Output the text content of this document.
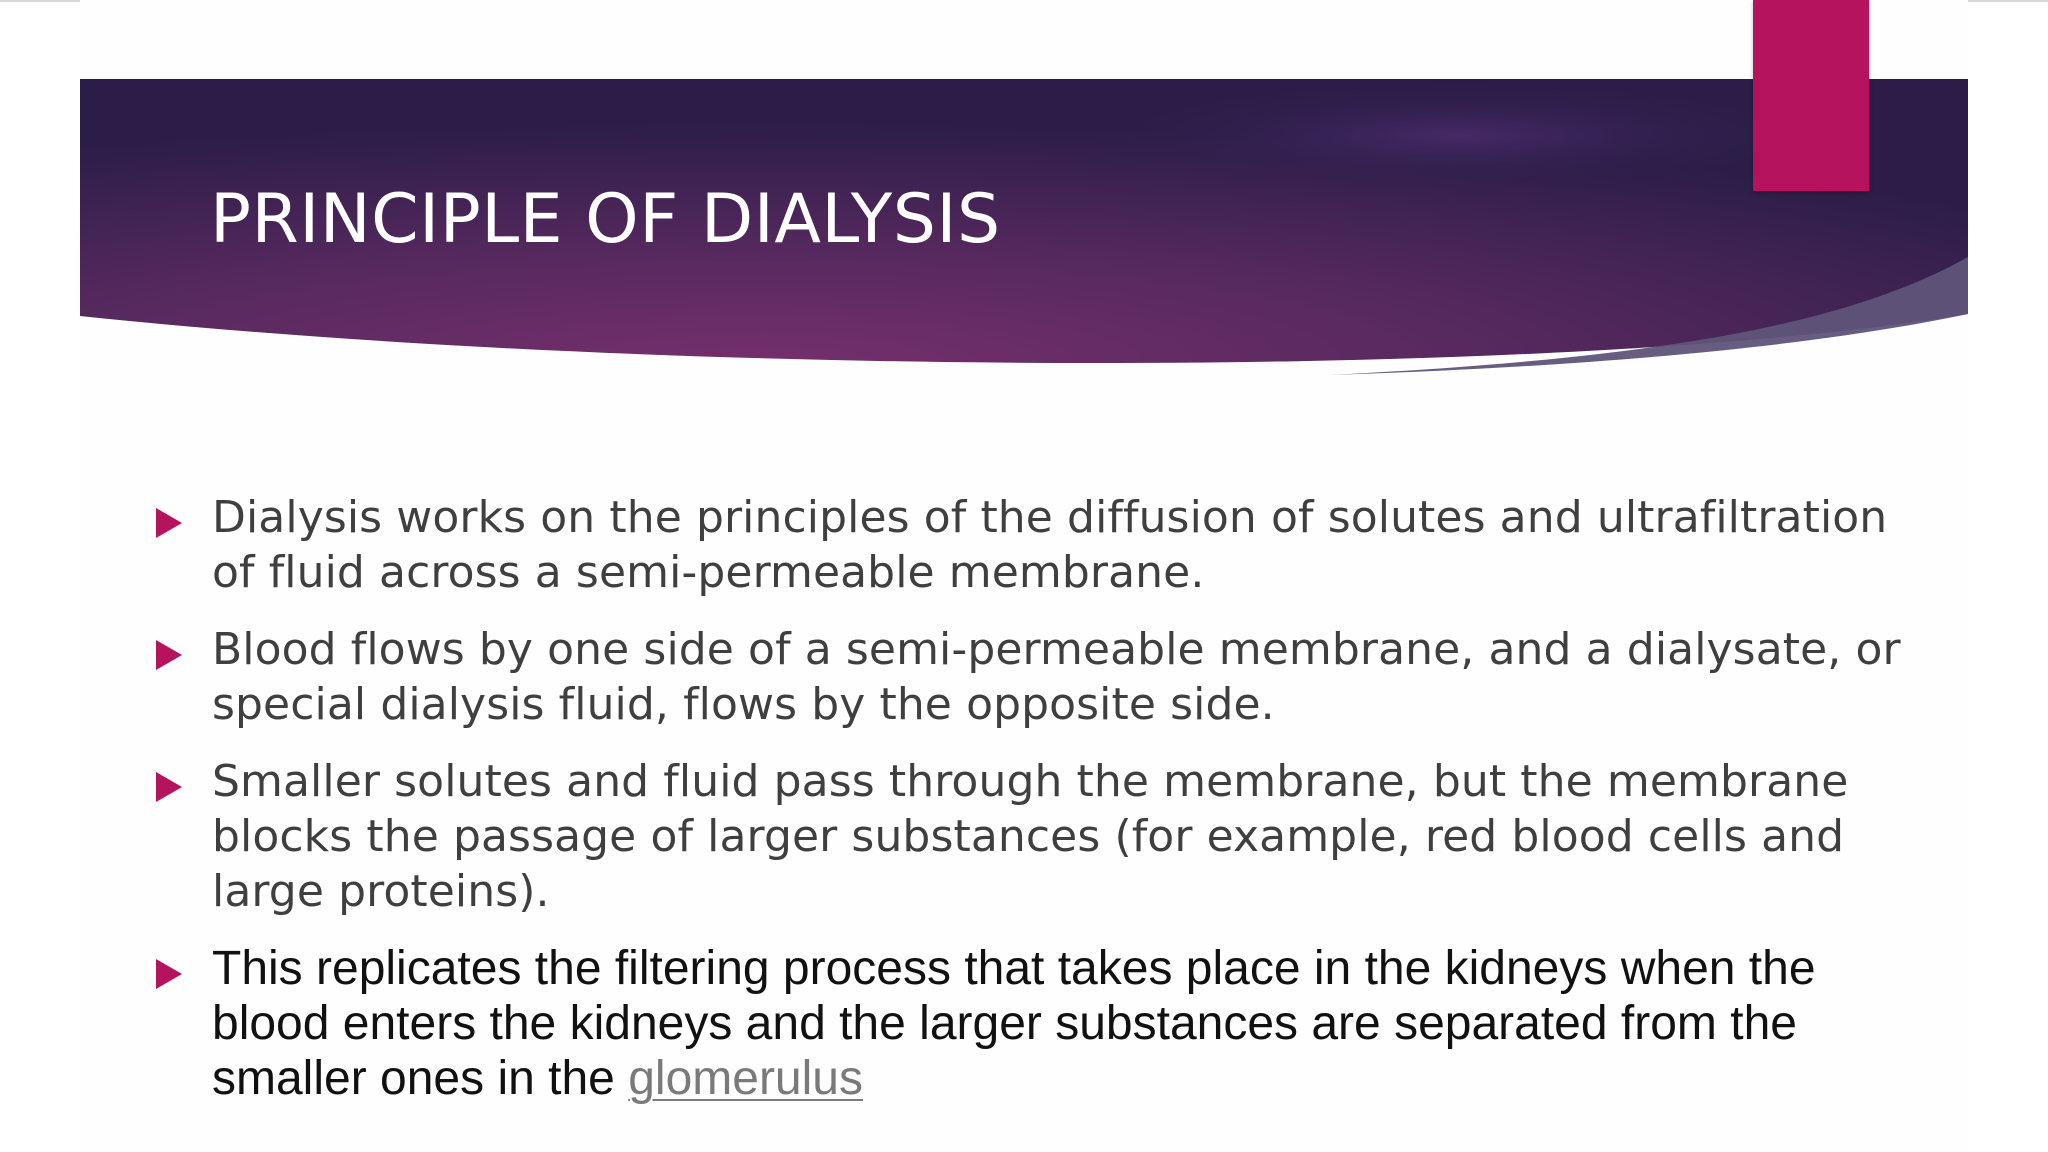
PRINCIPLE OF DIALYSIS
Dialysis works on the principles of the diffusion of solutes and ultrafiltration of fluid across a semi-permeable membrane.
Blood flows by one side of a semi-permeable membrane, and a dialysate, or special dialysis fluid, flows by the opposite side.
Smaller solutes and fluid pass through the membrane, but the membrane blocks the passage of larger substances (for example, red blood cells and large proteins).
This replicates the filtering process that takes place in the kidneys when the blood enters the kidneys and the larger substances are separated from the smaller ones in the glomerulus
